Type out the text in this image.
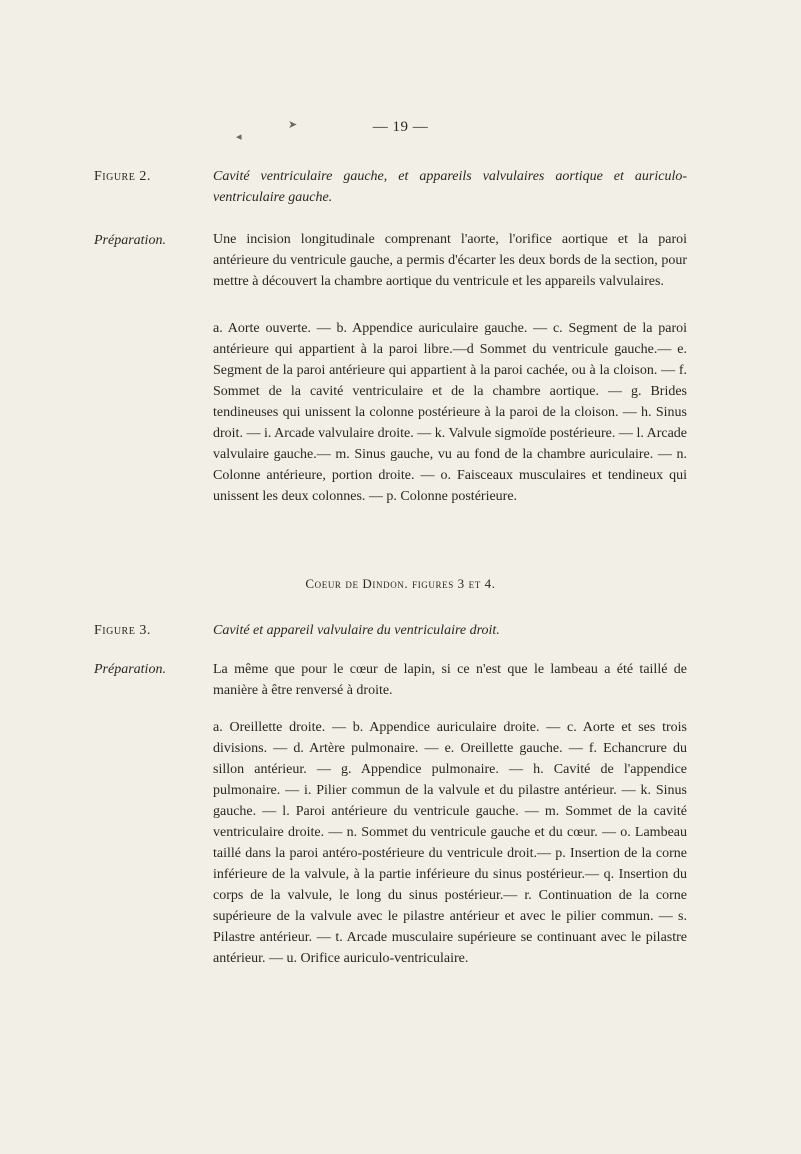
— 19 —
➤
◂
Figure 2.	Cavité ventriculaire gauche, et appareils valvulaires aortique et auriculo-ventriculaire gauche.
Préparation.	Une incision longitudinale comprenant l'aorte, l'orifice aortique et la paroi antérieure du ventricule gauche, a permis d'écarter les deux bords de la section, pour mettre à découvert la chambre aortique du ventricule et les appareils valvulaires.
a. Aorte ouverte. — b. Appendice auriculaire gauche. — c. Segment de la paroi antérieure qui appartient à la paroi libre.—d Sommet du ventricule gauche.— e. Segment de la paroi antérieure qui appartient à la paroi cachée, ou à la cloison. — f. Sommet de la cavité ventriculaire et de la chambre aortique. — g. Brides tendineuses qui unissent la colonne postérieure à la paroi de la cloison. — h. Sinus droit. — i. Arcade valvulaire droite. — k. Valvule sigmoïde postérieure. — l. Arcade valvulaire gauche.— m. Sinus gauche, vu au fond de la chambre auriculaire. — n. Colonne antérieure, portion droite. — o. Faisceaux musculaires et tendineux qui unissent les deux colonnes. — p. Colonne postérieure.
Coeur de Dindon. figures 3 et 4.
Figure 3.	Cavité et appareil valvulaire du ventriculaire droit.
Préparation.	La même que pour le cœur de lapin, si ce n'est que le lambeau a été taillé de manière à être renversé à droite.
a. Oreillette droite. — b. Appendice auriculaire droite. — c. Aorte et ses trois divisions. — d. Artère pulmonaire. — e. Oreillette gauche. — f. Echancrure du sillon antérieur. — g. Appendice pulmonaire. — h. Cavité de l'appendice pulmonaire. — i. Pilier commun de la valvule et du pilastre antérieur. — k. Sinus gauche. — l. Paroi antérieure du ventricule gauche. — m. Sommet de la cavité ventriculaire droite. — n. Sommet du ventricule gauche et du cœur. — o. Lambeau taillé dans la paroi antéro-postérieure du ventricule droit.— p. Insertion de la corne inférieure de la valvule, à la partie inférieure du sinus postérieur.— q. Insertion du corps de la valvule, le long du sinus postérieur.— r. Continuation de la corne supérieure de la valvule avec le pilastre antérieur et avec le pilier commun. — s. Pilastre antérieur. — t. Arcade musculaire supérieure se continuant avec le pilastre antérieur. — u. Orifice auriculo-ventriculaire.
